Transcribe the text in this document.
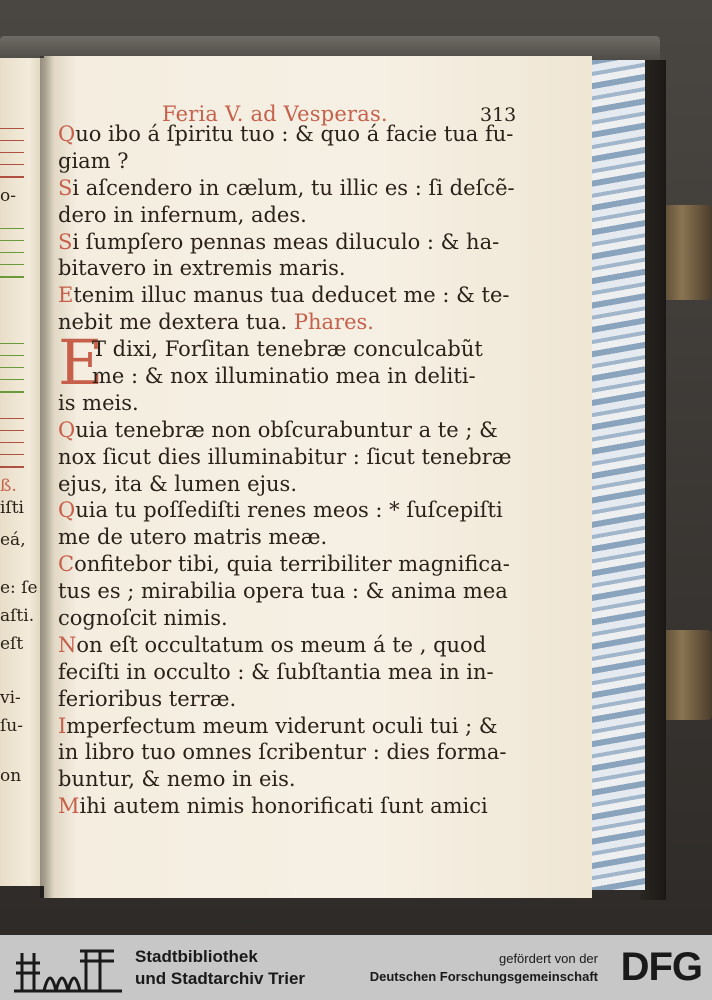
o-
ß.
iſti
eá,
e: ſe
aſti.
eſt
vi-
ſu-
on
Feria V. ad Vesperas.	313
E
Quo ibo á ſpiritu tuo : & quo á facie tua fu-
giam ?
Si aſcendero in cælum, tu illic es : ſi deſcẽ-
dero in infernum, ades.
Si ſumpſero pennas meas diluculo : & ha-
bitavero in extremis maris.
Etenim illuc manus tua deducet me : & te-
nebit me dextera tua. Phares.
T dixi, Forſitan tenebræ conculcabũt
me : & nox illuminatio mea in deliti-
is meis.
Quia tenebræ non obſcurabuntur a te ; &
nox ſicut dies illuminabitur : ſicut tenebræ
ejus, ita & lumen ejus.
Quia tu poſſediſti renes meos : * ſuſcepiſti
me de utero matris meæ.
Confitebor tibi, quia terribiliter magnifica-
tus es ; mirabilia opera tua : & anima mea
cognoſcit nimis.
Non eſt occultatum os meum á te , quod
feciſti in occulto : & ſubſtantia mea in in-
ferioribus terræ.
Imperfectum meum viderunt oculi tui ; &
in libro tuo omnes ſcribentur : dies forma-
buntur, & nemo in eis.
Mihi autem nimis honorificati ſunt amici
Stadtbibliothek
und Stadtarchiv Trier
gefördert von der
Deutschen Forschungsgemeinschaft DFG
